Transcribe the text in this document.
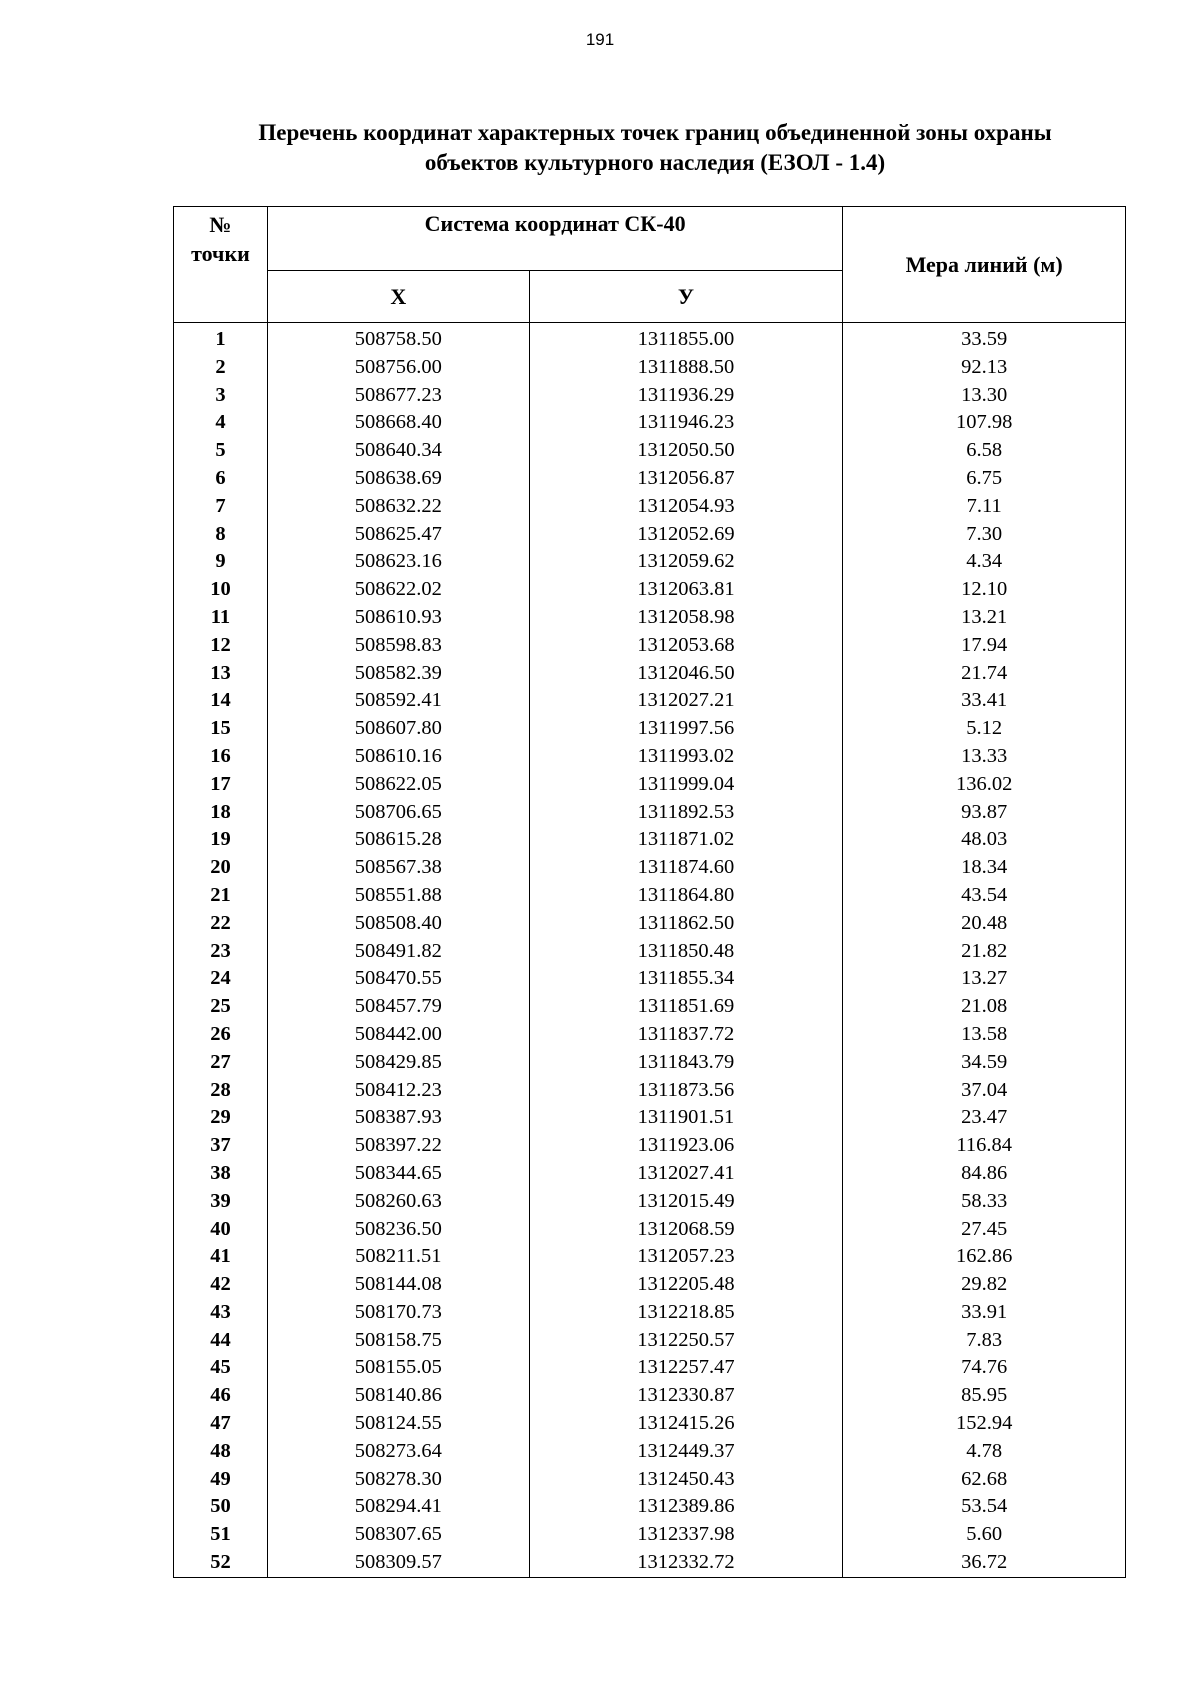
191
Перечень координат характерных точек границ объединенной зоны охраны
объектов культурного наследия (ЕЗОЛ - 1.4)
№
точки	Система координат СК-40		Мера линий (м)
	Х	У	
1	508758.50	1311855.00	33.59
2	508756.00	1311888.50	92.13
3	508677.23	1311936.29	13.30
4	508668.40	1311946.23	107.98
5	508640.34	1312050.50	6.58
6	508638.69	1312056.87	6.75
7	508632.22	1312054.93	7.11
8	508625.47	1312052.69	7.30
9	508623.16	1312059.62	4.34
10	508622.02	1312063.81	12.10
11	508610.93	1312058.98	13.21
12	508598.83	1312053.68	17.94
13	508582.39	1312046.50	21.74
14	508592.41	1312027.21	33.41
15	508607.80	1311997.56	5.12
16	508610.16	1311993.02	13.33
17	508622.05	1311999.04	136.02
18	508706.65	1311892.53	93.87
19	508615.28	1311871.02	48.03
20	508567.38	1311874.60	18.34
21	508551.88	1311864.80	43.54
22	508508.40	1311862.50	20.48
23	508491.82	1311850.48	21.82
24	508470.55	1311855.34	13.27
25	508457.79	1311851.69	21.08
26	508442.00	1311837.72	13.58
27	508429.85	1311843.79	34.59
28	508412.23	1311873.56	37.04
29	508387.93	1311901.51	23.47
37	508397.22	1311923.06	116.84
38	508344.65	1312027.41	84.86
39	508260.63	1312015.49	58.33
40	508236.50	1312068.59	27.45
41	508211.51	1312057.23	162.86
42	508144.08	1312205.48	29.82
43	508170.73	1312218.85	33.91
44	508158.75	1312250.57	7.83
45	508155.05	1312257.47	74.76
46	508140.86	1312330.87	85.95
47	508124.55	1312415.26	152.94
48	508273.64	1312449.37	4.78
49	508278.30	1312450.43	62.68
50	508294.41	1312389.86	53.54
51	508307.65	1312337.98	5.60
52	508309.57	1312332.72	36.72
